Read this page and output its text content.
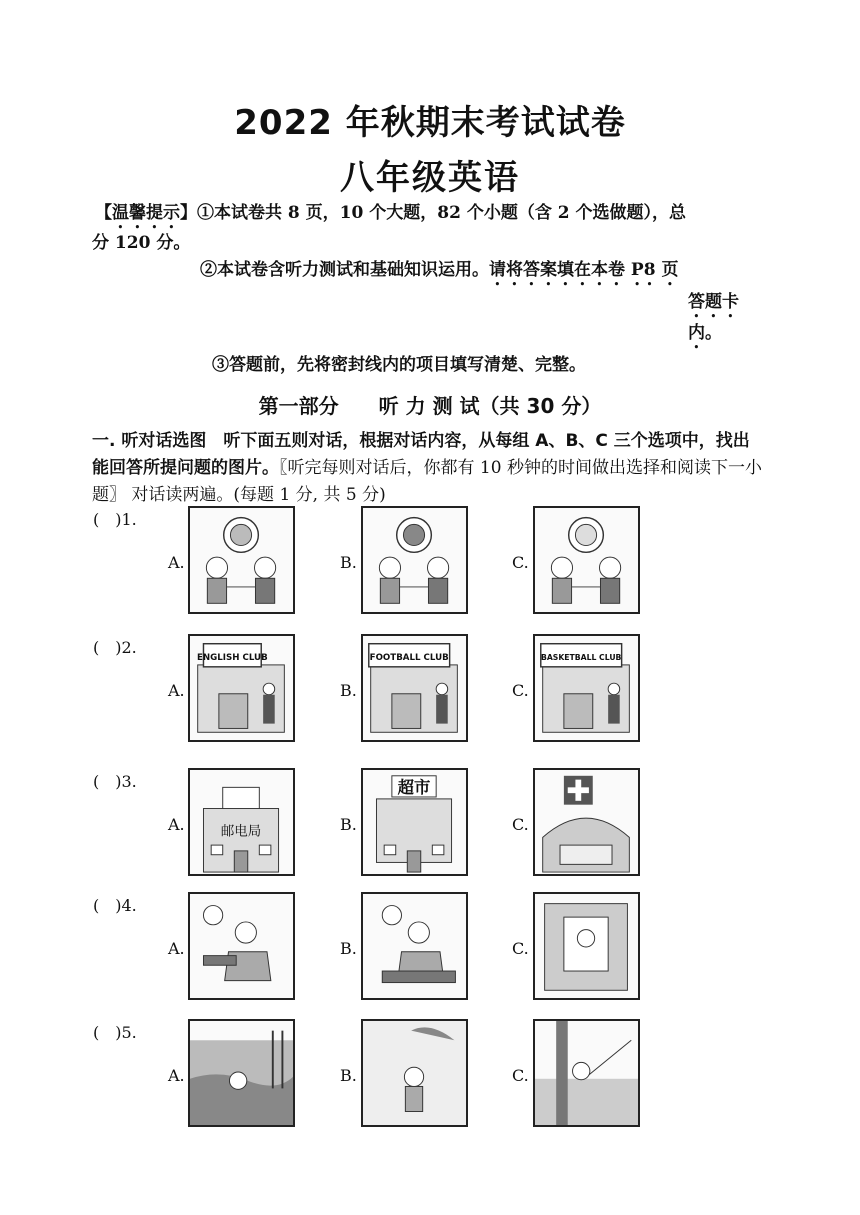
2022 年秋期末考试试卷
八年级英语
【温馨提示】①本试卷共 8 页，10 个大题，82 个小题（含 2 个选做题），总
分 120 分。
②本试卷含听力测试和基础知识运用。请将答案填在本卷 P8 页
答题卡
内。
③答题前，先将密封线内的项目填写清楚、完整。
第一部分　　听 力 测 试（共 30 分）
一. 听对话选图　听下面五则对话，根据对话内容，从每组 A、B、C 三个选项中，找出能回答所提问题的图片。〖听完每则对话后，你都有 10 秒钟的时间做出选择和阅读下一小题〗 对话读两遍。(每题 1 分, 共 5 分)
(　)1.
A.	B.	C.
(　)2.
A.
ENGLISH CLUB
B.
FOOTBALL CLUB
C.
BASKETBALL CLUB
(　)3.
A.	邮电局	B.
超市
C.
(　)4.
A.	B.	C.
(　)5.
A.	B.	C.
